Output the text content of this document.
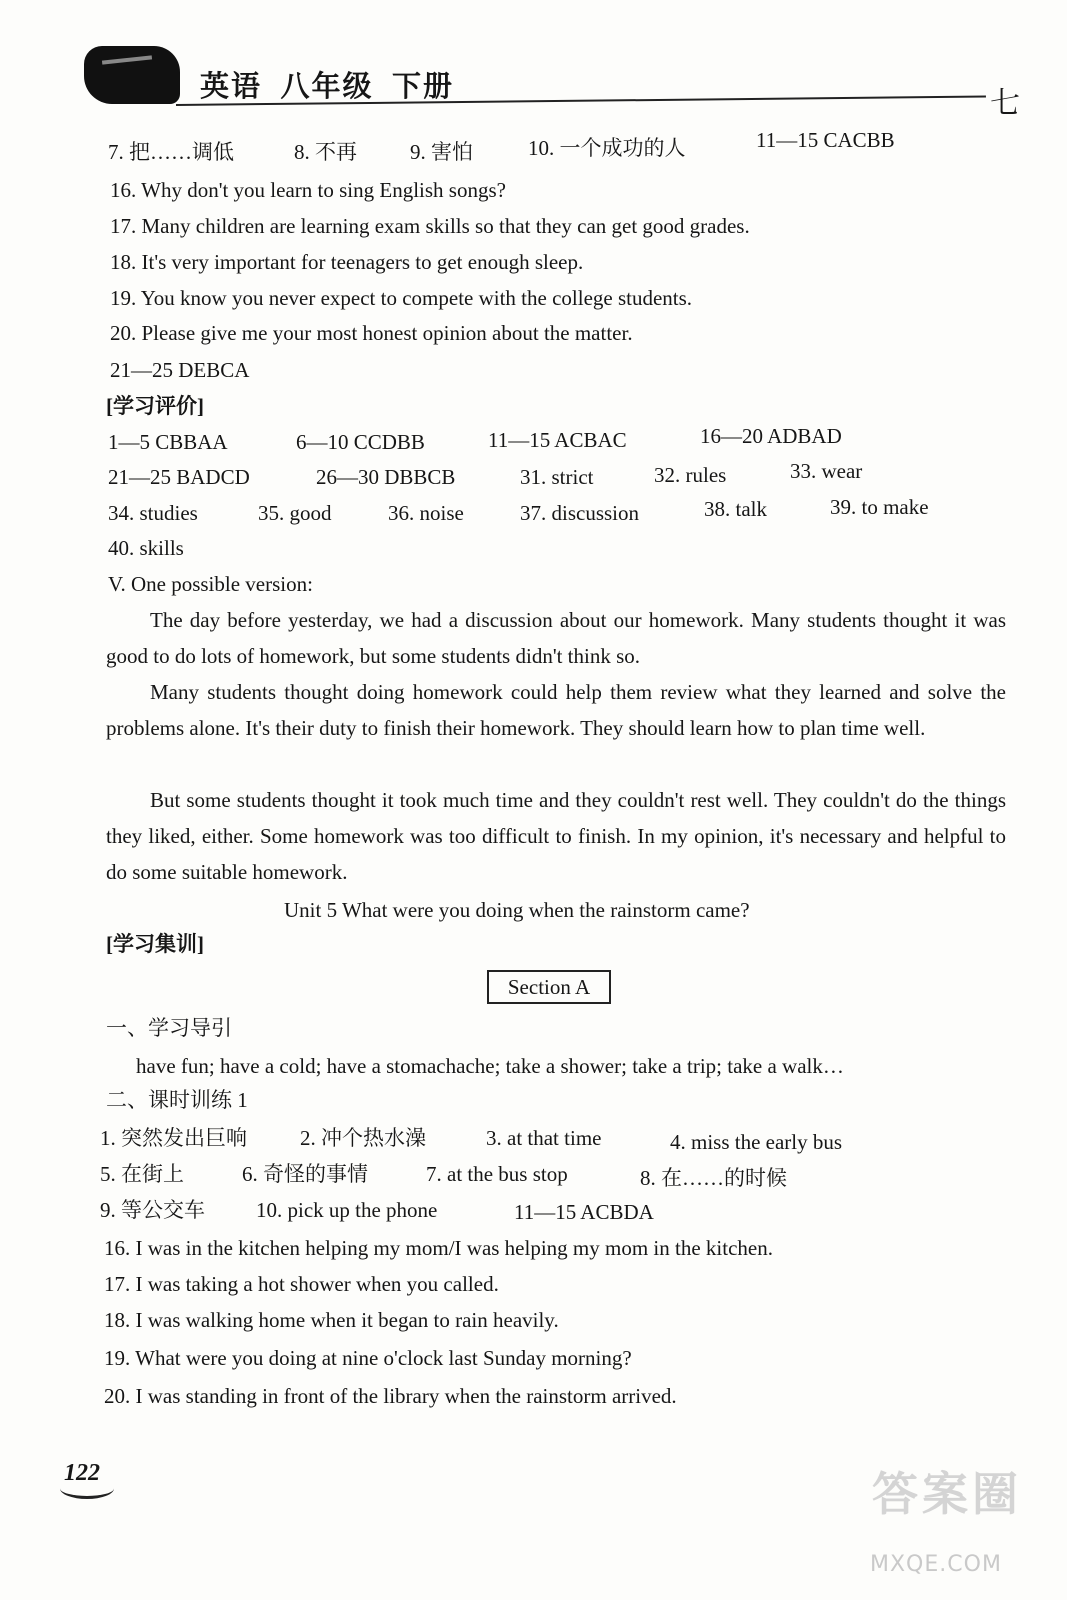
英语  八年级  下册	七
7. 把……调低	8. 不再	9. 害怕	10. 一个成功的人	11—15 CACBB
16. Why don't you learn to sing English songs?
17. Many children are learning exam skills so that they can get good grades.
18. It's very important for teenagers to get enough sleep.
19. You know you never expect to compete with the college students.
20. Please give me your most honest opinion about the matter.
21—25 DEBCA
[学习评价]
1—5 CBBAA	6—10 CCDBB	11—15 ACBAC	16—20 ADBAD
21—25 BADCD	26—30 DBBCB	31. strict	32. rules	33. wear
34. studies	35. good	36. noise	37. discussion	38. talk	39. to make
40. skills
V. One possible version:
The day before yesterday, we had a discussion about our homework. Many students thought it was good to do lots of homework, but some students didn't think so.
Many students thought doing homework could help them review what they learned and solve the problems alone. It's their duty to finish their homework. They should learn how to plan time well.
But some students thought it took much time and they couldn't rest well. They couldn't do the things they liked, either. Some homework was too difficult to finish. In my opinion, it's necessary and helpful to do some suitable homework.
Unit 5 What were you doing when the rainstorm came?
[学习集训]
Section A
一、学习导引
have fun; have a cold; have a stomachache; take a shower; take a trip; take a walk…
二、课时训练 1
1. 突然发出巨响	2. 冲个热水澡	3. at that time	4. miss the early bus
5. 在街上	6. 奇怪的事情	7. at the bus stop	8. 在……的时候
9. 等公交车 10. pick up the phone	11—15 ACBDA
16. I was in the kitchen helping my mom/I was helping my mom in the kitchen.
17. I was taking a hot shower when you called.
18. I was walking home when it began to rain heavily.
19. What were you doing at nine o'clock last Sunday morning?
20. I was standing in front of the library when the rainstorm arrived.
122	答案圈
MXQE.COM
